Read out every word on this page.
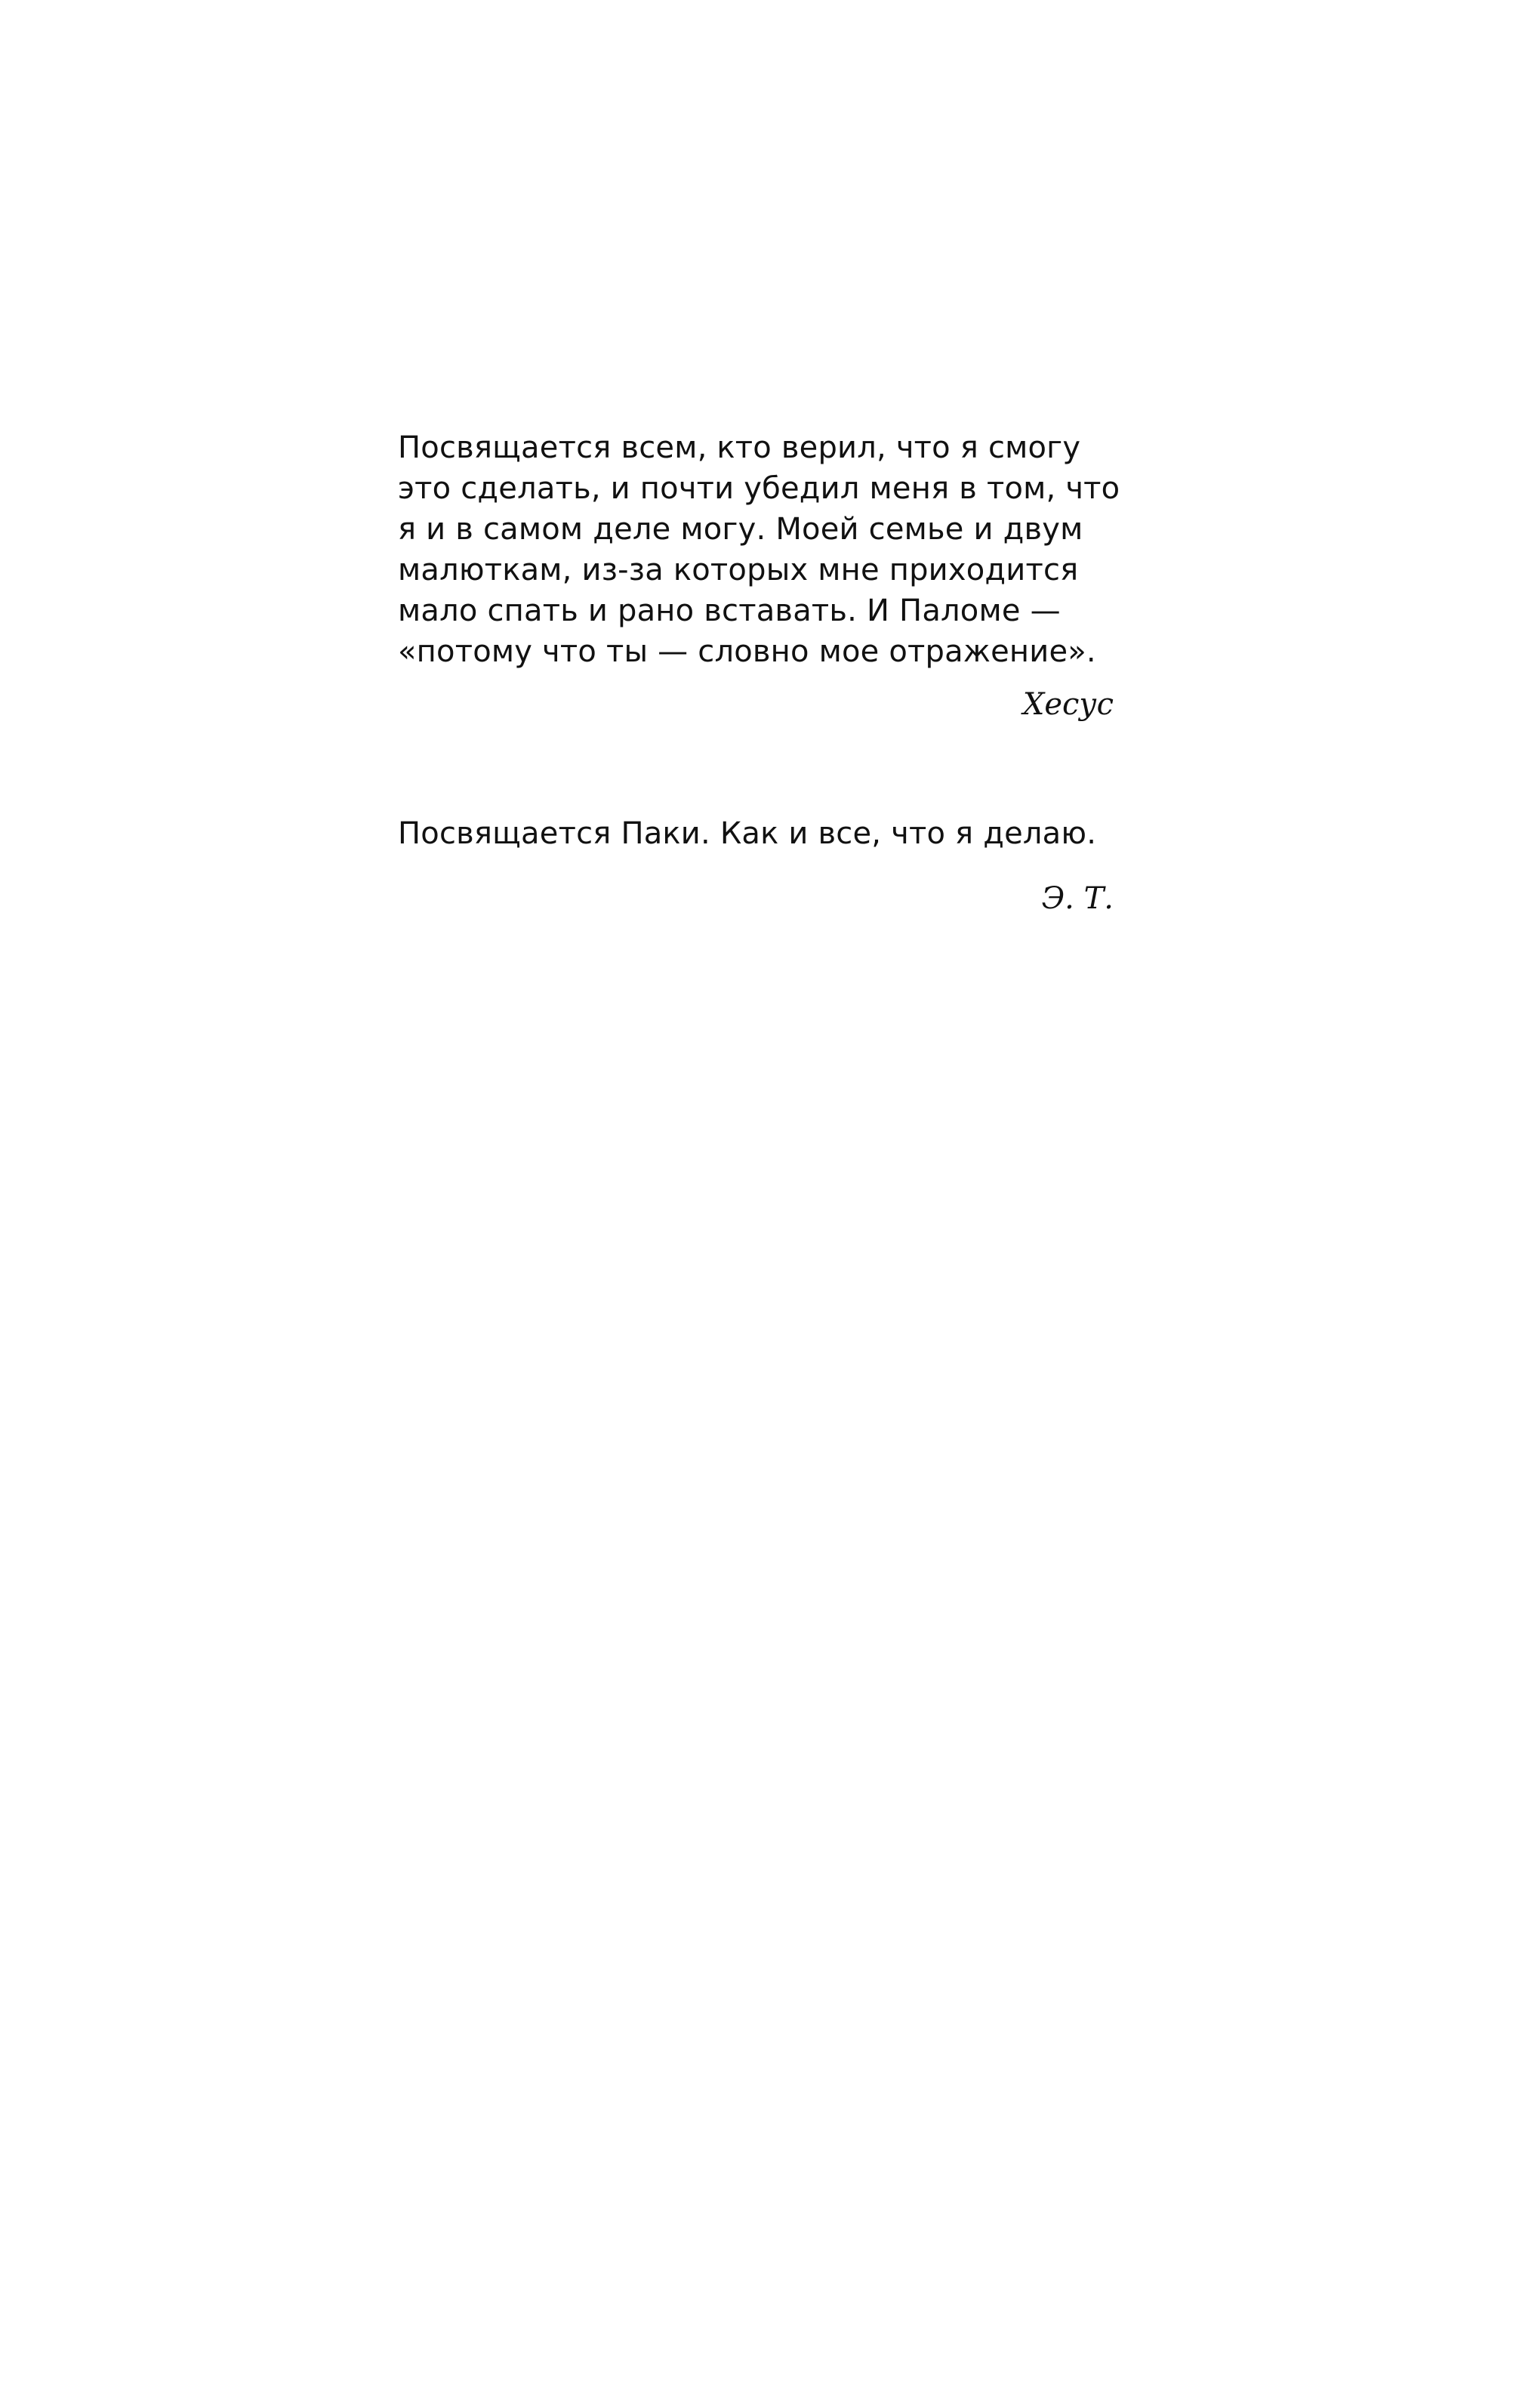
Посвящается всем, кто верил, что я смогу
это сделать, и почти убедил меня в том, что
я и в самом деле могу. Моей семье и двум
малюткам, из-за которых мне приходится
мало спать и рано вставать. И Паломе —
«потому что ты — словно мое отражение».
Хесус
Посвящается Паки. Как и все, что я делаю.
Э. Т.
